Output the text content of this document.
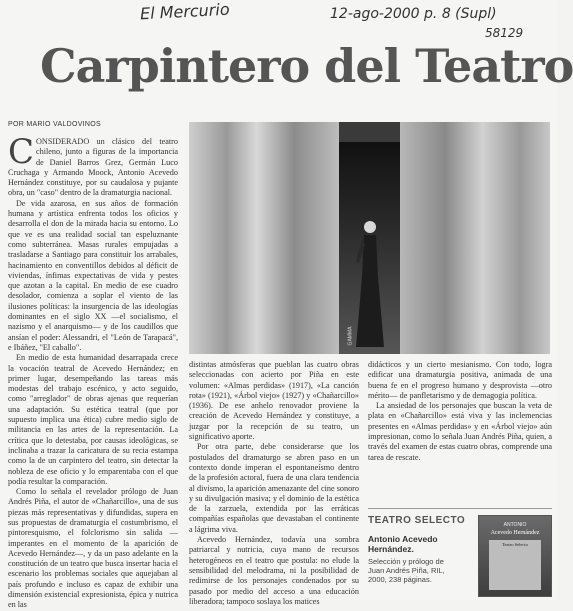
El Mercurio	12-ago-2000 p. 8 (Supl)
58129
Carpintero del Teatro
POR MARIO VALDOVINOS
C ONSIDERADO un clásico del teatro chileno, junto a figuras de la importancia de Daniel Barros Grez, Germán Luco Cruchaga y Armando Moock, Antonio Acevedo Hernández constituye, por su caudalosa y pujante obra, un "caso" dentro de la dramaturgia nacional.

De vida azarosa, en sus años de formación humana y artística enfrenta todos los oficios y desarrolla el don de la mirada hacia su entorno. Lo que ve es una realidad social tan espeluznante como subterránea. Masas rurales empujadas a trasladarse a Santiago para constituir los arrabales, hacinamiento en conventillos debidos al déficit de viviendas, ínfimas expectativas de vida y pestes que azotan a la capital. En medio de ese cuadro desolador, comienza a soplar el viento de las ilusiones políticas: la insurgencia de las ideologías dominantes en el siglo XX —el socialismo, el nazismo y el anarquismo— y de los caudillos que ansían el poder: Alessandri, el "León de Tarapacá", e Ibáñez, "El caballo".

En medio de esta humanidad desarrapada crece la vocación teatral de Acevedo Hernández; en primer lugar, desempeñando las tareas más modestas del trabajo escénico, y acto seguido, como "arreglador" de obras ajenas que requerían una adaptación. Su estética teatral (que por supuesto implica una ética) cubre medio siglo de militancia en las artes de la representación. La crítica que lo detestaba, por causas ideológicas, se inclinaba a trazar la caricatura de su recia estampa como la de un carpintero del teatro, sin detectar la nobleza de ese oficio y lo emparentaba con el que podía resultar la comparación.

Como lo señala el revelador prólogo de Juan Andrés Piña, el autor de «Chañarcillo», una de sus piezas más representativas y difundidas, supera en sus propuestas de dramaturgia el costumbrismo, el pintoresquismo, el folclorismo sin salida —imperantes en el momento de la aparición de Acevedo Hernández—, y da un paso adelante en la constitución de un teatro que busca insertar hacia el escenario los problemas sociales que aquejaban al país profundo e incluso es capaz de exhibir una dimensión existencial expresionista, épica y nutrica en las

GAMMA

distintas atmósferas que pueblan las cuatro obras seleccionadas con acierto por Piña en este volumen: «Almas perdidas» (1917), «La canción rota» (1921), «Árbol viejo» (1927) y «Chañarcillo» (1936). De ese anhelo renovador proviene la creación de Acevedo Hernández y constituye, a juzgar por la recepción de su teatro, un significativo aporte.

Por otra parte, debe considerarse que los postulados del dramaturgo se abren paso en un contexto donde imperan el espontaneísmo dentro de la profesión actoral, fuera de una clara tendencia al divismo, la aparición amenazante del cine sonoro y su divulgación masiva; y el dominio de la estética de la zarzuela, extendida por las erráticas compañías españolas que devastaban el continente a lágrima viva.

Acevedo Hernández, todavía una sombra patriarcal y nutricia, cuya mano de recursos heterogéneos en el teatro que postula: no elude la sensibilidad del melodrama, ni la posibilidad de redimirse de los personajes condenados por su pasado por medio del acceso a una educación liberadora; tampoco soslaya los matices

didácticos y un cierto mesianismo. Con todo, logra edificar una dramaturgia positiva, animada de una buena fe en el progreso humano y desprovista —otro mérito— de panfletarismo y de demagogia política.

La ansiedad de los personajes que buscan la veta de plata en «Chañarcillo» está viva y las inclemencias presentes en «Almas perdidas» y en «Árbol viejo» aún impresionan, como lo señala Juan Andrés Piña, quien, a través del examen de estas cuatro obras, comprende una tarea de rescate.

TEATRO SELECTO
Antonio Acevedo Hernández.
Selección y prólogo de Juan Andrés Piña, RIL, 2000, 238 páginas.
ANTONIO
Acevedo Hernández
Teatro Selecto
